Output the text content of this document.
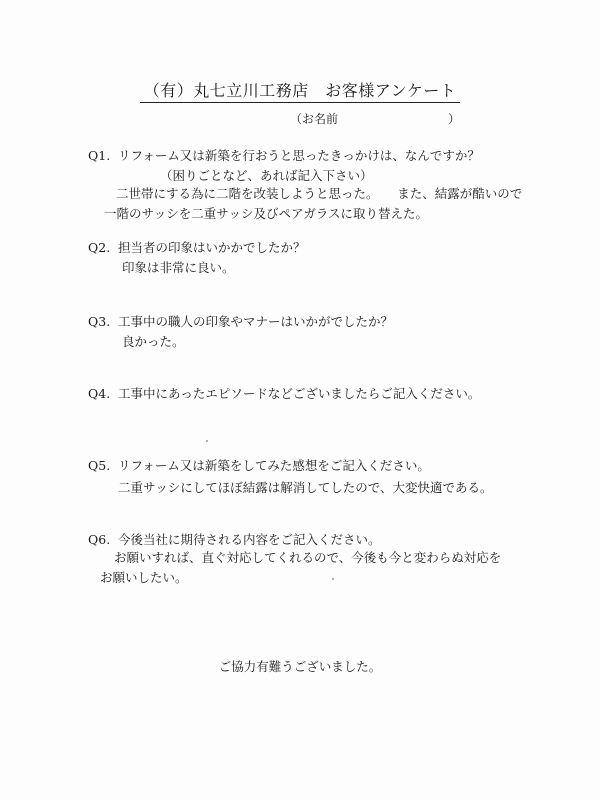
（有）丸七立川工務店　お客様アンケート
（お名前	）
Q1. リフォーム又は新築を行おうと思ったきっかけは、なんですか？
（困りごとなど、あれば記入下さい）
二世帯にする為に二階を改装しようと思った。　　また、結露が酷いので
一階のサッシを二重サッシ及びペアガラスに取り替えた。
Q2. 担当者の印象はいかかでしたか？
印象は非常に良い。
Q3. 工事中の職人の印象やマナーはいかがでしたか？
良かった。
Q4. 工事中にあったエピソードなどございましたらご記入ください。
Q5. リフォーム又は新築をしてみた感想をご記入ください。
二重サッシにしてほぼ結露は解消してしたので、大変快適である。
Q6. 今後当社に期待される内容をご記入ください。
お願いすれば、直ぐ対応してくれるので、今後も今と変わらぬ対応を
お願いしたい。
ご協力有難うございました。
